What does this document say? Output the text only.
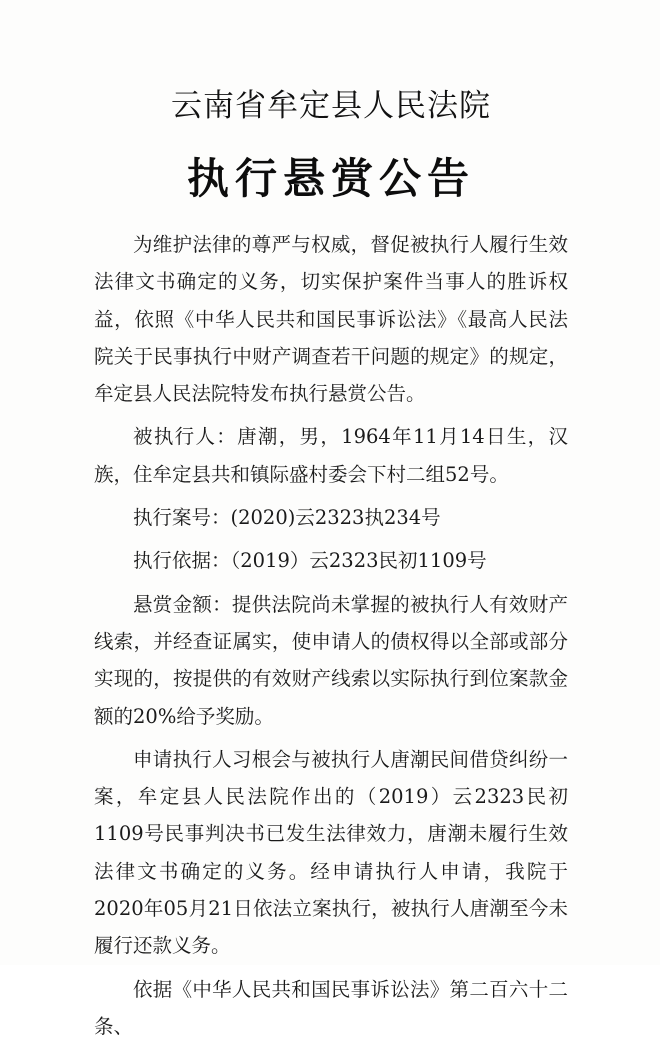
云南省牟定县人民法院
执行悬赏公告

为维护法律的尊严与权威，督促被执行人履行生效法律文书确定的义务，切实保护案件当事人的胜诉权益，依照《中华人民共和国民事诉讼法》《最高人民法院关于民事执行中财产调查若干问题的规定》的规定，牟定县人民法院特发布执行悬赏公告。

被执行人：唐潮，男，1964年11月14日生，汉族，住牟定县共和镇际盛村委会下村二组52号。

执行案号：(2020)云2323执234号

执行依据：（2019）云2323民初1109号

悬赏金额：提供法院尚未掌握的被执行人有效财产线索，并经查证属实，使申请人的债权得以全部或部分实现的，按提供的有效财产线索以实际执行到位案款金额的20%给予奖励。

申请执行人习根会与被执行人唐潮民间借贷纠纷一案，牟定县人民法院作出的（2019）云2323民初1109号民事判决书已发生法律效力，唐潮未履行生效法律文书确定的义务。经申请执行人申请，我院于2020年05月21日依法立案执行，被执行人唐潮至今未履行还款义务。

依据《中华人民共和国民事诉讼法》第二百六十二条、
